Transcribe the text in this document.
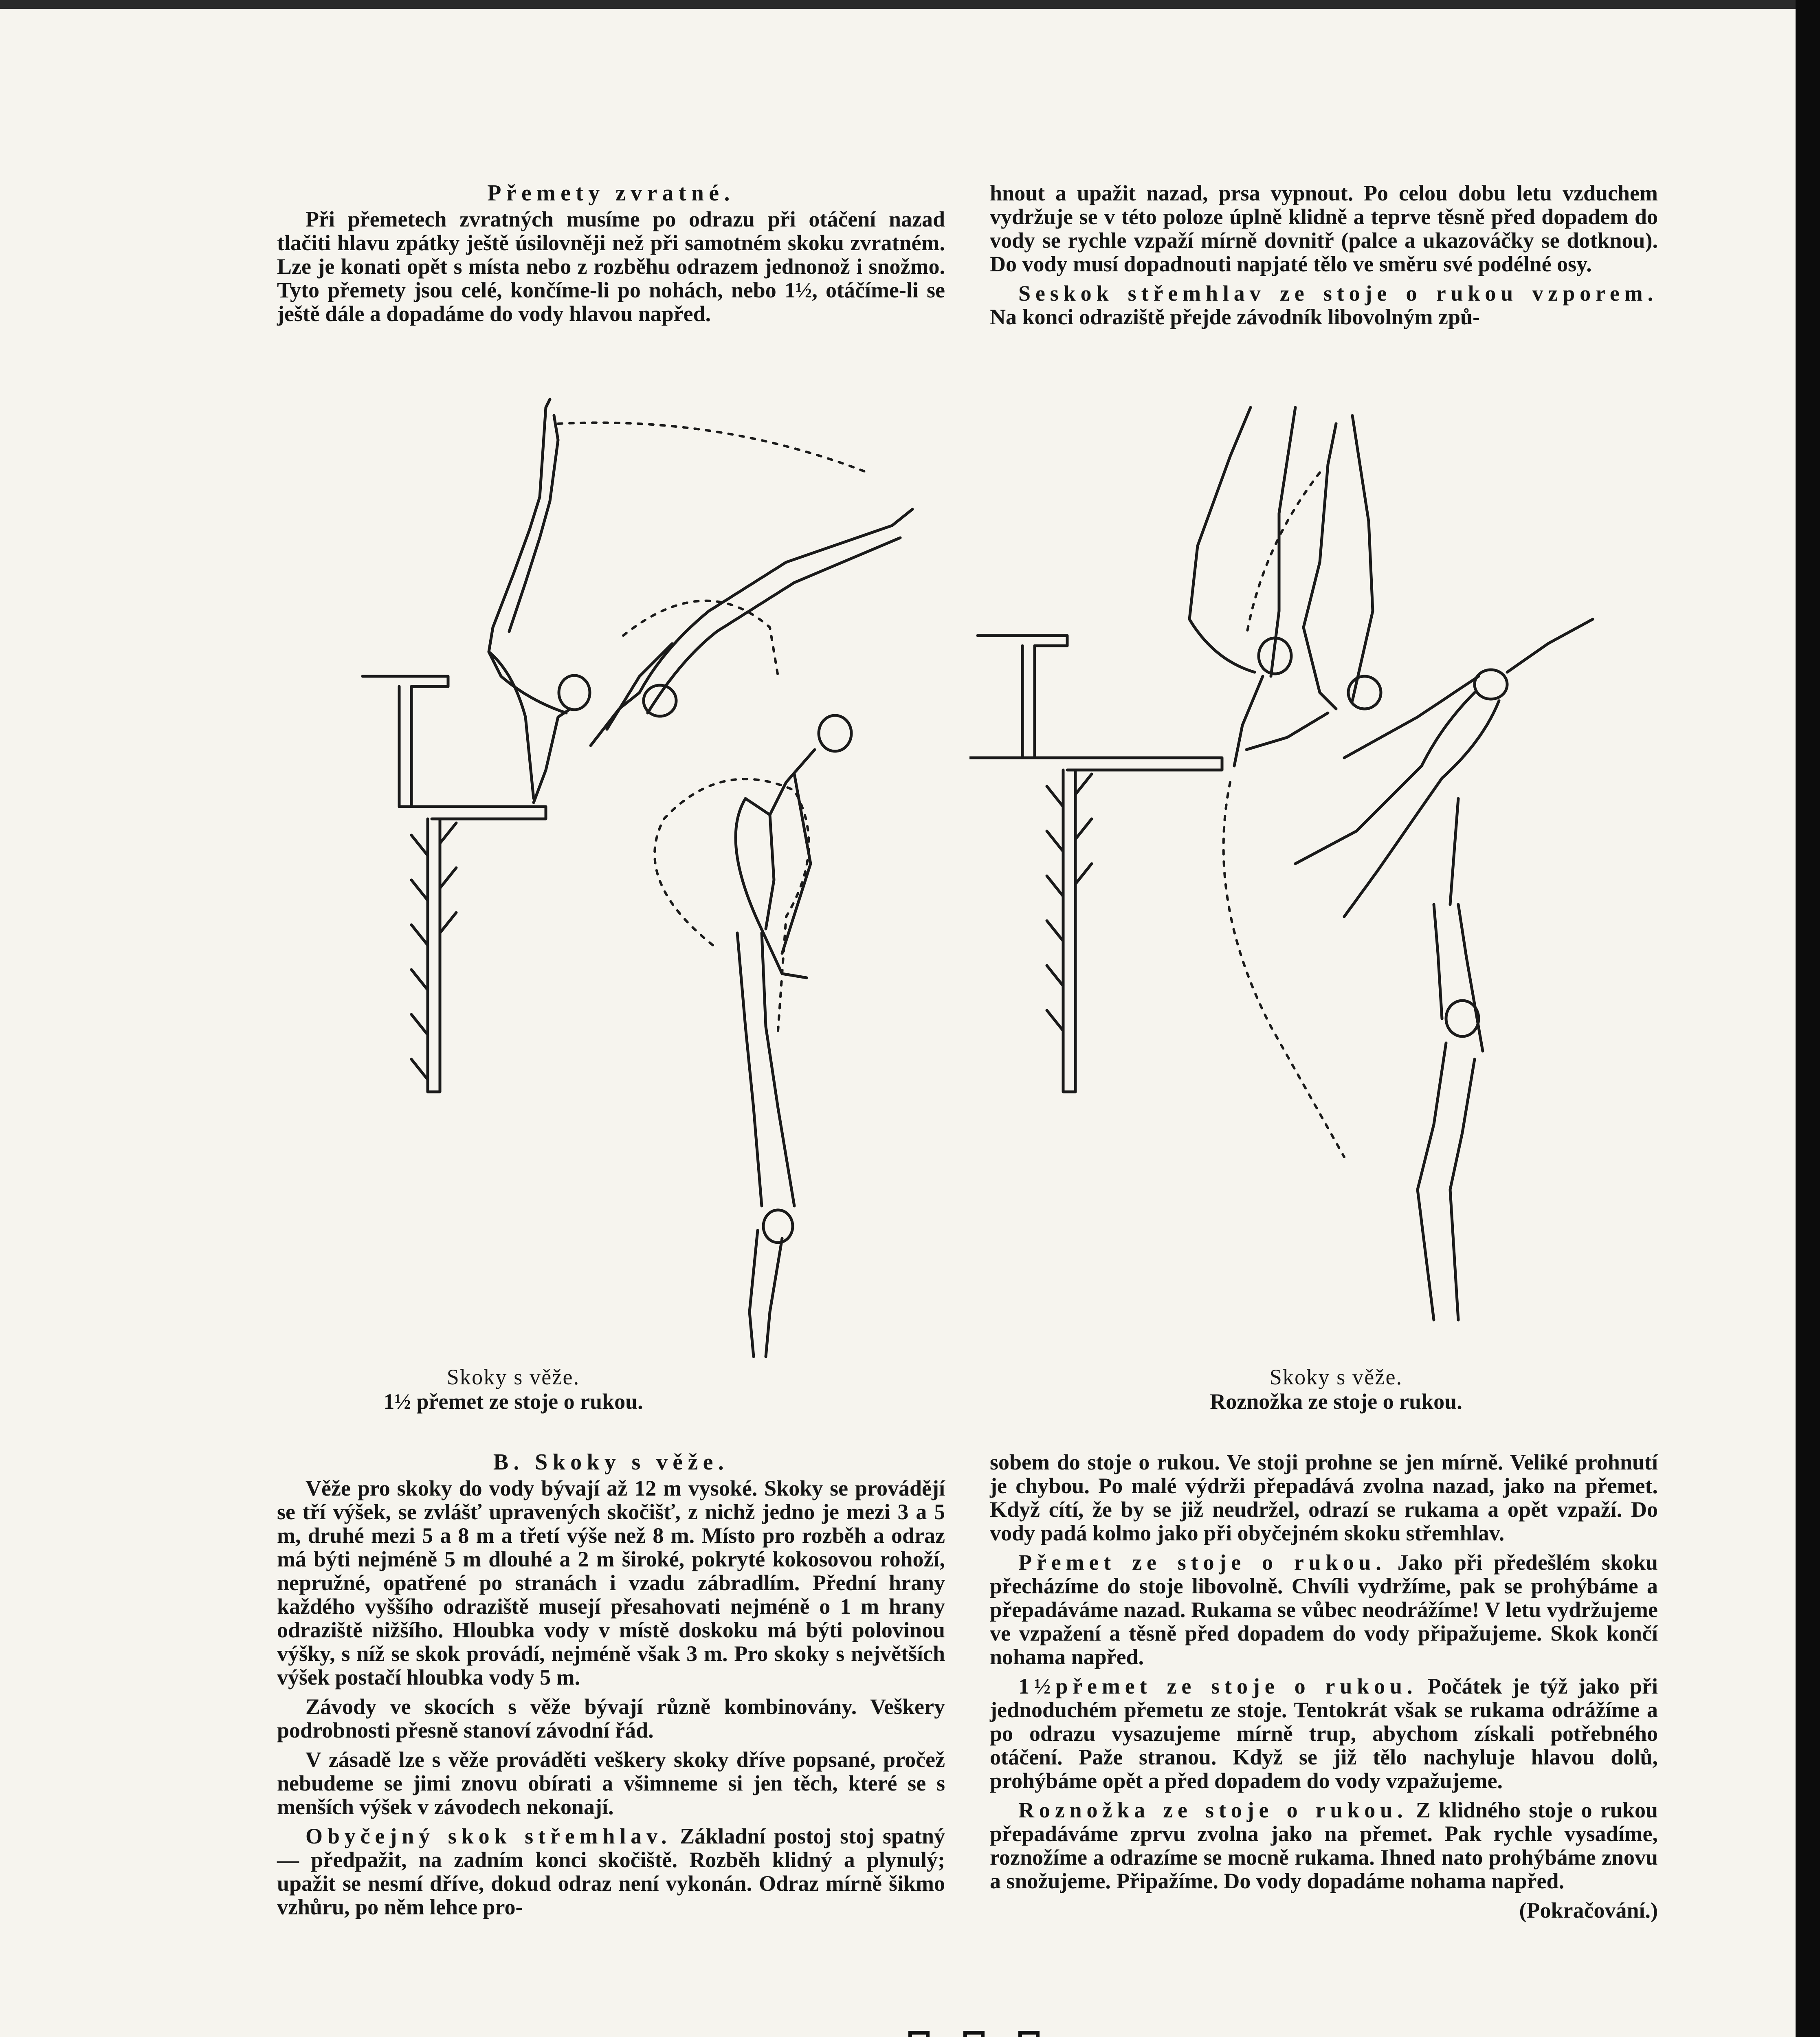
Přemety zvratné.

Při přemetech zvratných musíme po odrazu při otáčení nazad tlačiti hlavu zpátky ještě úsilovněji než při samotném skoku zvratném. Lze je konati opět s místa nebo z rozběhu odrazem jednonož i snožmo. Tyto přemety jsou celé, končíme-li po nohách, nebo 1½, otáčíme-li se ještě dále a dopadáme do vody hlavou napřed.

hnout a upažit nazad, prsa vypnout. Po celou dobu letu vzduchem vydržuje se v této poloze úplně klidně a teprve těsně před dopadem do vody se rychle vzpaží mírně dovnitř (palce a ukazováčky se dotknou). Do vody musí dopadnouti napjaté tělo ve směru své podélné osy.

Seskok střemhlav ze stoje o rukou vzporem. Na konci odraziště přejde závodník libovolným způ-

Skoky s věže.
1½ přemet ze stoje o rukou.
Skoky s věže.
Roznožka ze stoje o rukou.
B. Skoky s věže.

Věže pro skoky do vody bývají až 12 m vysoké. Skoky se provádějí se tří výšek, se zvlášť upravených skočišť, z nichž jedno je mezi 3 a 5 m, druhé mezi 5 a 8 m a třetí výše než 8 m. Místo pro rozběh a odraz má býti nejméně 5 m dlouhé a 2 m široké, pokryté kokosovou rohoží, nepružné, opatřené po stranách i vzadu zábradlím. Přední hrany každého vyššího odraziště musejí přesahovati nejméně o 1 m hrany odraziště nižšího. Hloubka vody v místě doskoku má býti polovinou výšky, s níž se skok provádí, nejméně však 3 m. Pro skoky s největších výšek postačí hloubka vody 5 m.

Závody ve skocích s věže bývají různě kombinovány. Veškery podrobnosti přesně stanoví závodní řád.

V zásadě lze s věže prováděti veškery skoky dříve popsané, pročež nebudeme se jimi znovu obírati a všimneme si jen těch, které se s menších výšek v závodech nekonají.

Obyčejný skok střemhlav. Základní postoj stoj spatný — předpažit, na zadním konci skočiště. Rozběh klidný a plynulý; upažit se nesmí dříve, dokud odraz není vykonán. Odraz mírně šikmo vzhůru, po něm lehce pro-

sobem do stoje o rukou. Ve stoji prohne se jen mírně. Veliké prohnutí je chybou. Po malé výdrži přepadává zvolna nazad, jako na přemet. Když cítí, že by se již neudržel, odrazí se rukama a opět vzpaží. Do vody padá kolmo jako při obyčejném skoku střemhlav.

Přemet ze stoje o rukou. Jako při předešlém skoku přecházíme do stoje libovolně. Chvíli vydržíme, pak se prohýbáme a přepadáváme nazad. Rukama se vůbec neodrážíme! V letu vydržujeme ve vzpažení a těsně před dopadem do vody připažujeme. Skok končí nohama napřed.

1½přemet ze stoje o rukou. Počátek je týž jako při jednoduchém přemetu ze stoje. Tentokrát však se rukama odrážíme a po odrazu vysazujeme mírně trup, abychom získali potřebného otáčení. Paže stranou. Když se již tělo nachyluje hlavou dolů, prohýbáme opět a před dopadem do vody vzpažujeme.

Roznožka ze stoje o rukou. Z klidného stoje o rukou přepadáváme zprvu zvolna jako na přemet. Pak rychle vysadíme, roznožíme a odrazíme se mocně rukama. Ihned nato prohýbáme znovu a snožujeme. Připažíme. Do vody dopadáme nohama napřed.

(Pokračování.)
